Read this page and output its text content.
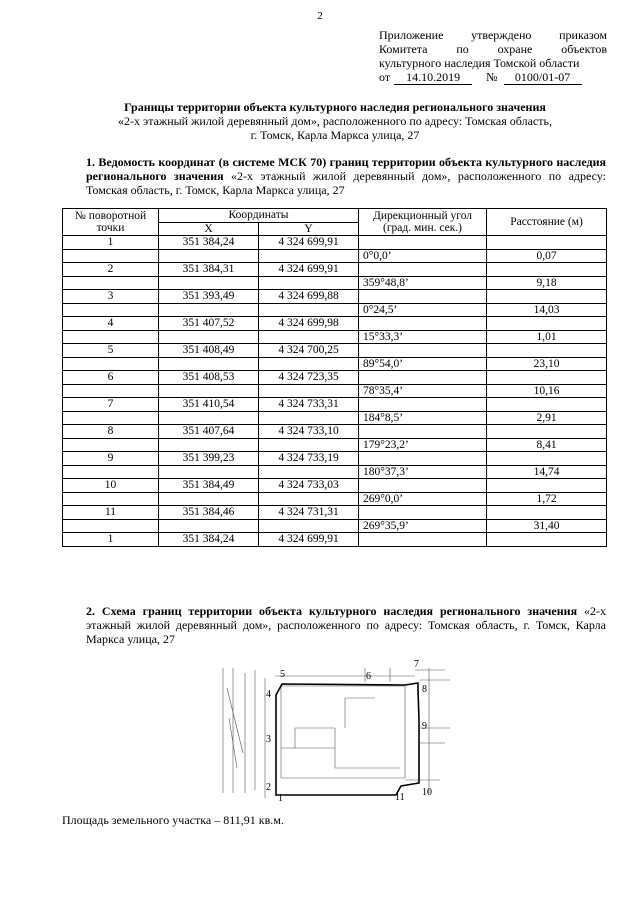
2
Приложение утверждено приказом
Комитета по охране объектов
культурного наследия Томской области
от	14.10.2019	№	0100/01-07
Границы территории объекта культурного наследия регионального значения
«2-х этажный жилой деревянный дом», расположенного по адресу: Томская область,
г. Томск, Карла Маркса улица, 27
1. Ведомость координат (в системе МСК 70) границ территории объекта культурного наследия регионального значения «2-х этажный жилой деревянный дом», расположенного по адресу: Томская область, г. Томск, Карла Маркса улица, 27
№ поворотной точки	Координаты		Дирекционный угол (град. мин. сек.)	Расстояние (м)
	X	Y		
1	351 384,24	4 324 699,91		
			0°0,0’	0,07
2	351 384,31	4 324 699,91		
			359°48,8’	9,18
3	351 393,49	4 324 699,88		
			0°24,5’	14,03
4	351 407,52	4 324 699,98		
			15°33,3’	1,01
5	351 408,49	4 324 700,25		
			89°54,0’	23,10
6	351 408,53	4 324 723,35		
			78°35,4’	10,16
7	351 410,54	4 324 733,31		
			184°8,5’	2,91
8	351 407,64	4 324 733,10		
			179°23,2’	8,41
9	351 399,23	4 324 733,19		
			180°37,3’	14,74
10	351 384,49	4 324 733,03		
			269°0,0’	1,72
11	351 384,46	4 324 731,31		
			269°35,9’	31,40
1	351 384,24	4 324 699,91		
2. Схема границ территории объекта культурного наследия регионального значения «2-х этажный жилой деревянный дом», расположенного по адресу: Томская область, г. Томск, Карла Маркса улица, 27
1
2
3
4
5	6
7
8
9
10
11
Площадь земельного участка – 811,91 кв.м.
